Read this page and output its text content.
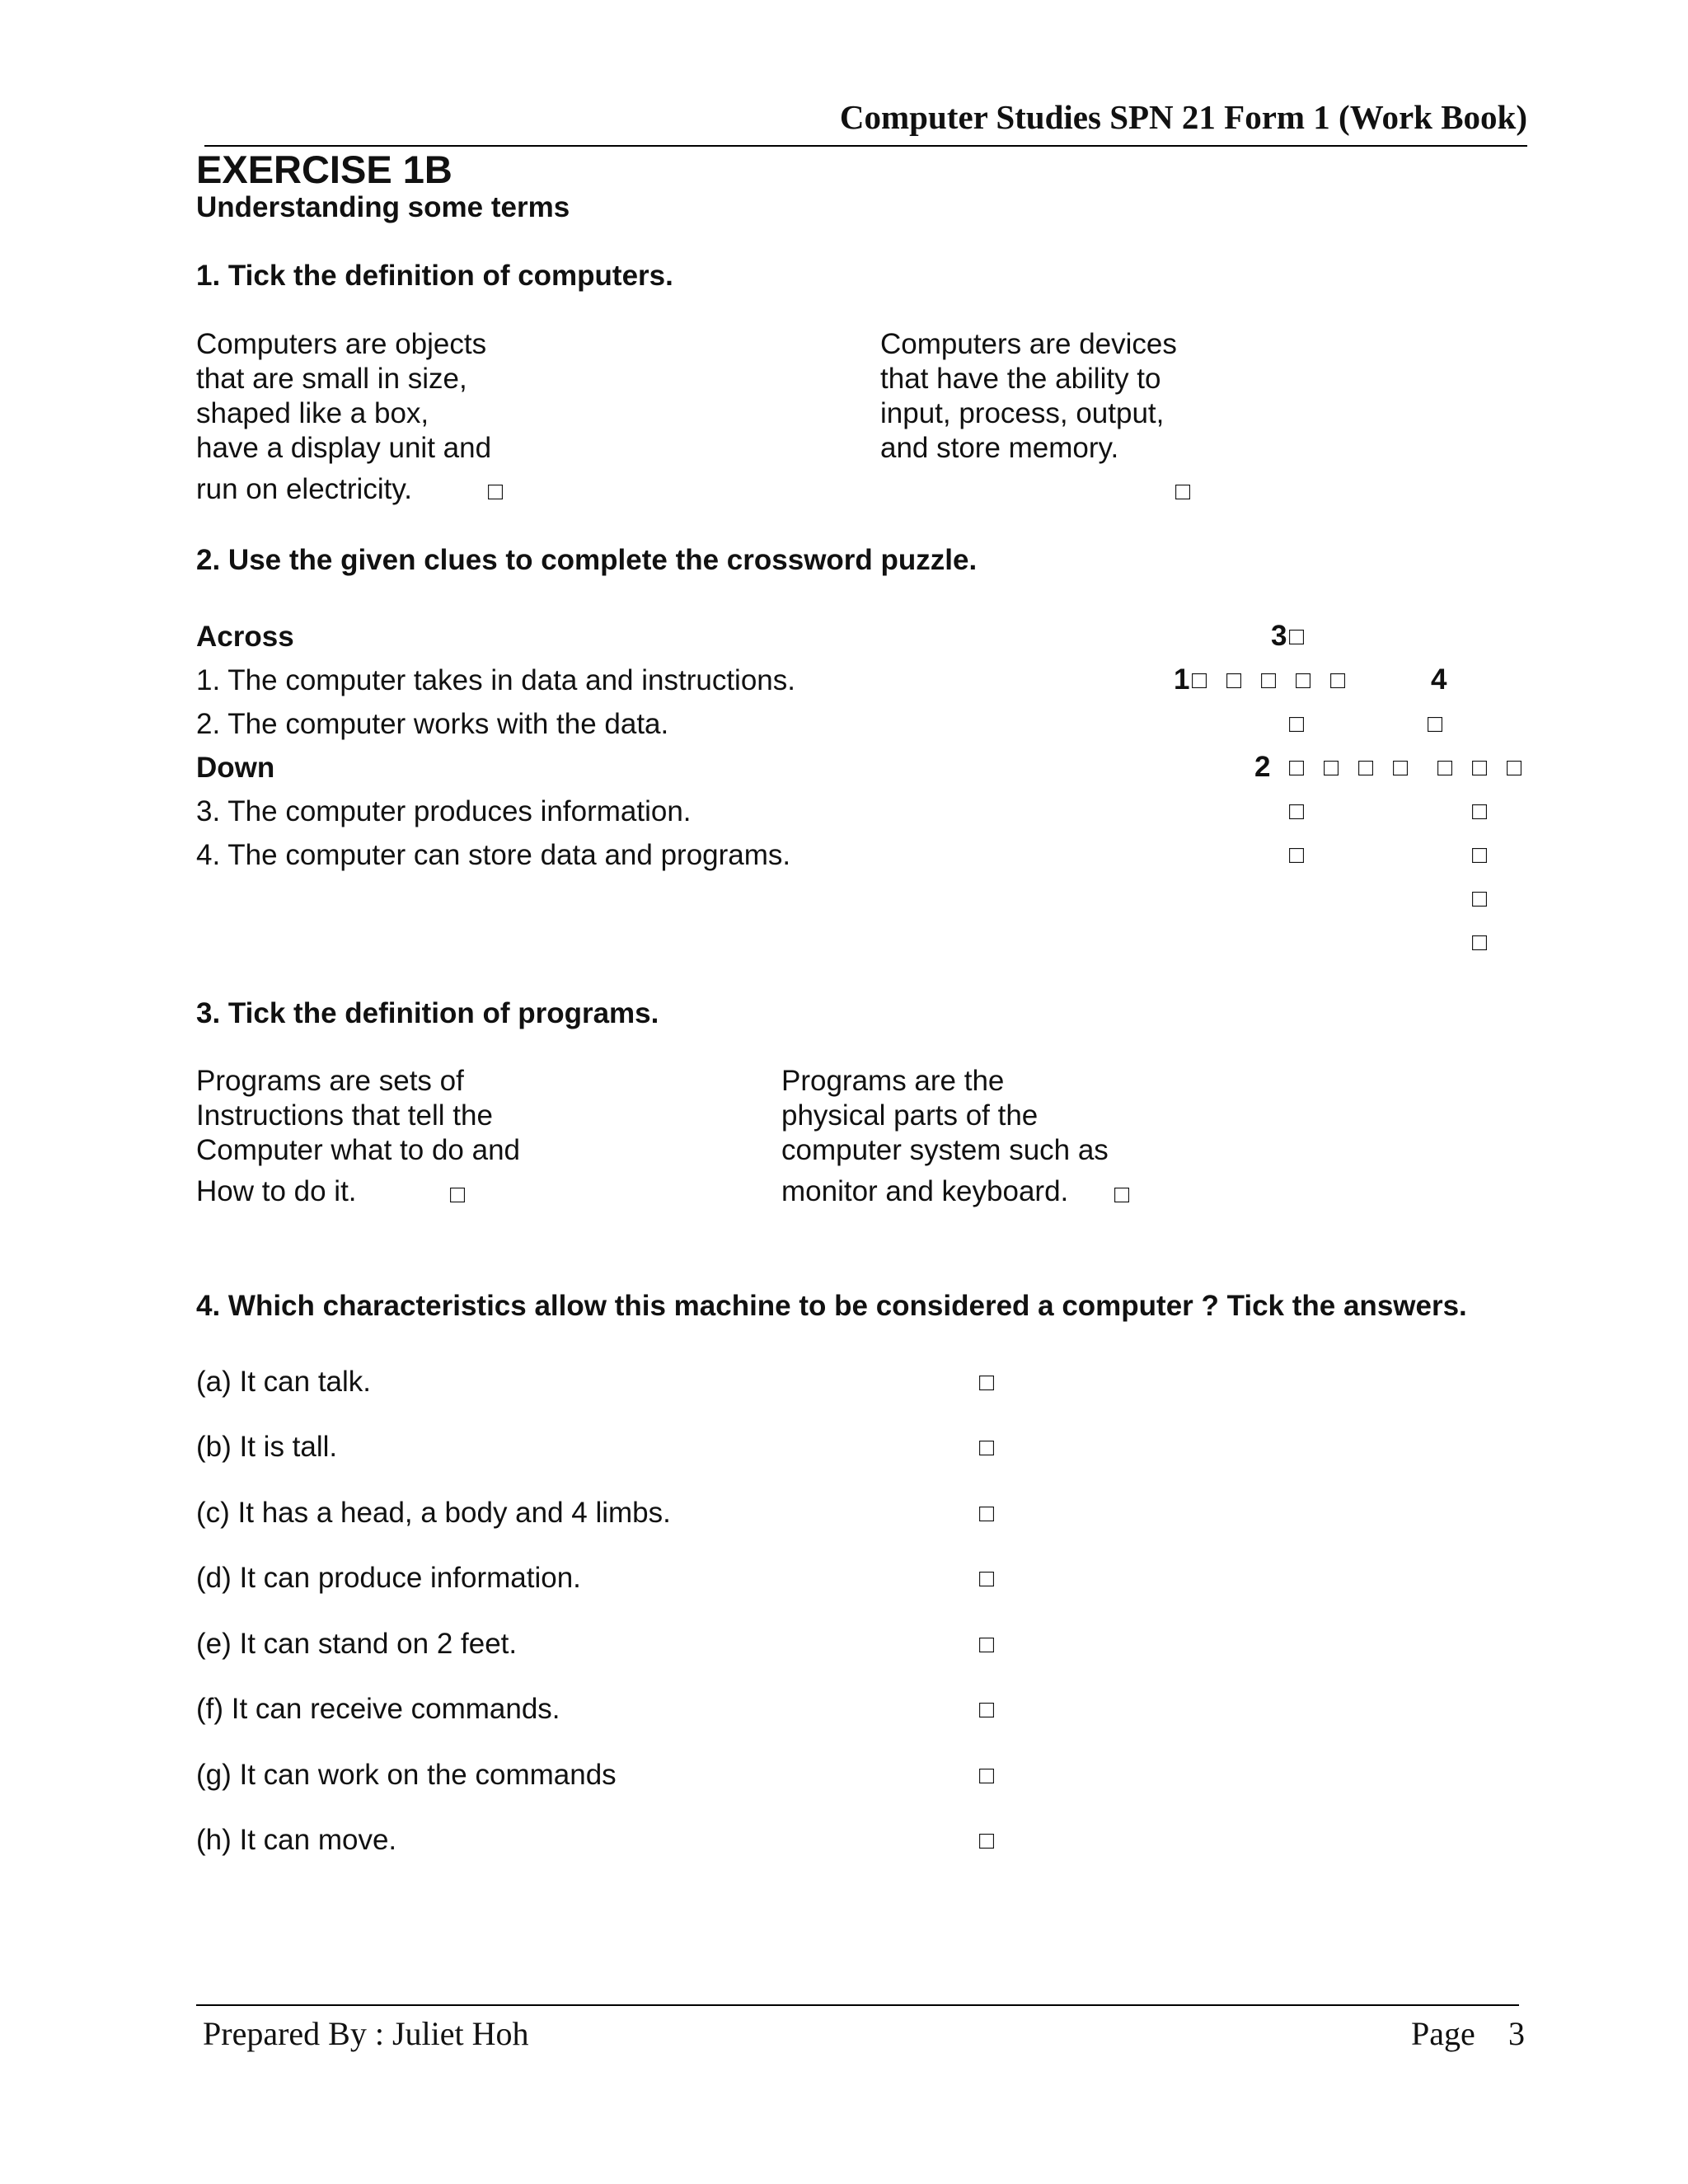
Computer Studies SPN 21 Form 1 (Work Book)
EXERCISE 1B
Understanding some terms
1. Tick the definition of computers.
Computers are objects
that are small in size,
shaped like a box,
have a display unit and
run on electricity.	□
Computers are devices
that have the ability to
input, process, output,
and store memory.
□
2. Use the given clues to complete the crossword puzzle.
Across
1. The computer takes in data and instructions.
2. The computer works with the data.
Down
3. The computer produces information.
4. The computer can store data and programs.
3 □
1 □ □ □ □ □	4
□	□
2 □ □ □ □ □ □ □
□	□
□	□
□
□
3. Tick the definition of programs.
Programs are sets of
Instructions that tell the
Computer what to do and
How to do it.	□
Programs are the
physical parts of the
computer system such as
monitor and keyboard.	□
4. Which characteristics allow this machine to be considered a computer ? Tick the answers.
(a) It can talk.	□
(b) It is tall.	□
(c) It has a head, a body and 4 limbs.	□
(d) It can produce information.	□
(e) It can stand on 2 feet.	□
(f) It can receive commands.	□
(g) It can work on the commands	□
(h) It can move.	□
Prepared By : Juliet Hoh	Page 3
